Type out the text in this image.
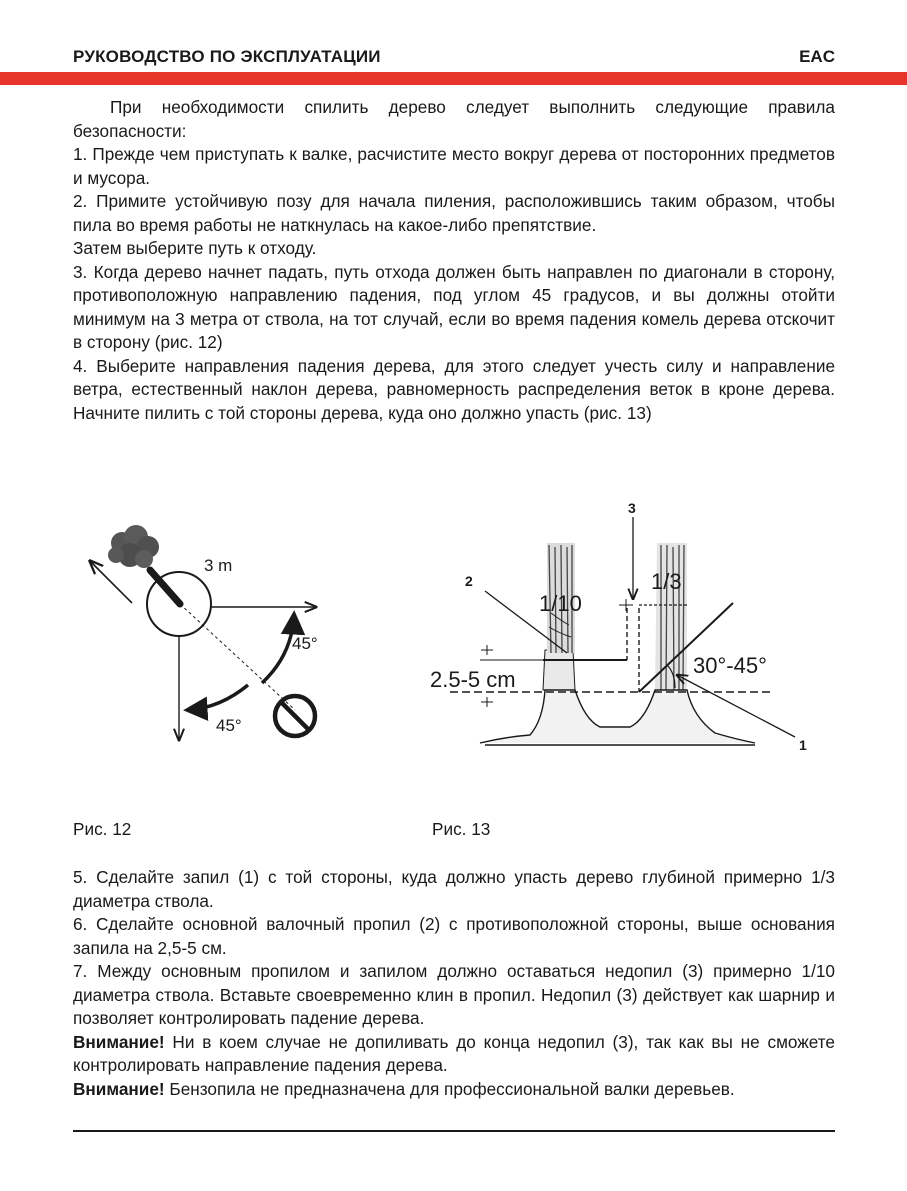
РУКОВОДСТВО ПО ЭКСПЛУАТАЦИИ	EAC

При необходимости спилить дерево следует выполнить следующие правила безопасности:

1. Прежде чем приступать к валке, расчистите место вокруг дерева от посторонних предметов и мусора.

2. Примите устойчивую позу для начала пиления, расположившись таким образом, чтобы пила во время работы не наткнулась на какое-либо препятствие.

Затем выберите путь к отходу.

3. Когда дерево начнет падать, путь отхода должен быть направлен по диагонали в сторону, противоположную направлению падения, под углом 45 градусов, и вы должны отойти минимум на 3 метра от ствола, на тот случай, если во время падения комель дерева отскочит в сторону (рис. 12)

4. Выберите направления падения дерева, для этого следует учесть силу и направление ветра, естественный наклон дерева, равномерность распределения веток в кроне дерева. Начните пилить с той стороны дерева, куда оно должно упасть (рис. 13)

3 m
45°
45°
3
2
1
1/10
1/3
2.5-5 cm
30°-45°
Рис. 12	Рис. 13

5. Сделайте запил (1) с той стороны, куда должно упасть дерево глубиной примерно 1/3 диаметра ствола.

6. Сделайте основной валочный пропил (2) с противоположной стороны, выше основания запила на 2,5-5 см.

7. Между основным пропилом и запилом должно оставаться недопил (3) примерно 1/10 диаметра ствола. Вставьте своевременно клин в пропил. Недопил (3) действует как шарнир и позволяет контролировать падение дерева.

Внимание! Ни в коем случае не допиливать до конца недопил (3), так как вы не сможете контролировать направление падения дерева.

Внимание! Бензопила не предназначена для профессиональной валки деревьев.
